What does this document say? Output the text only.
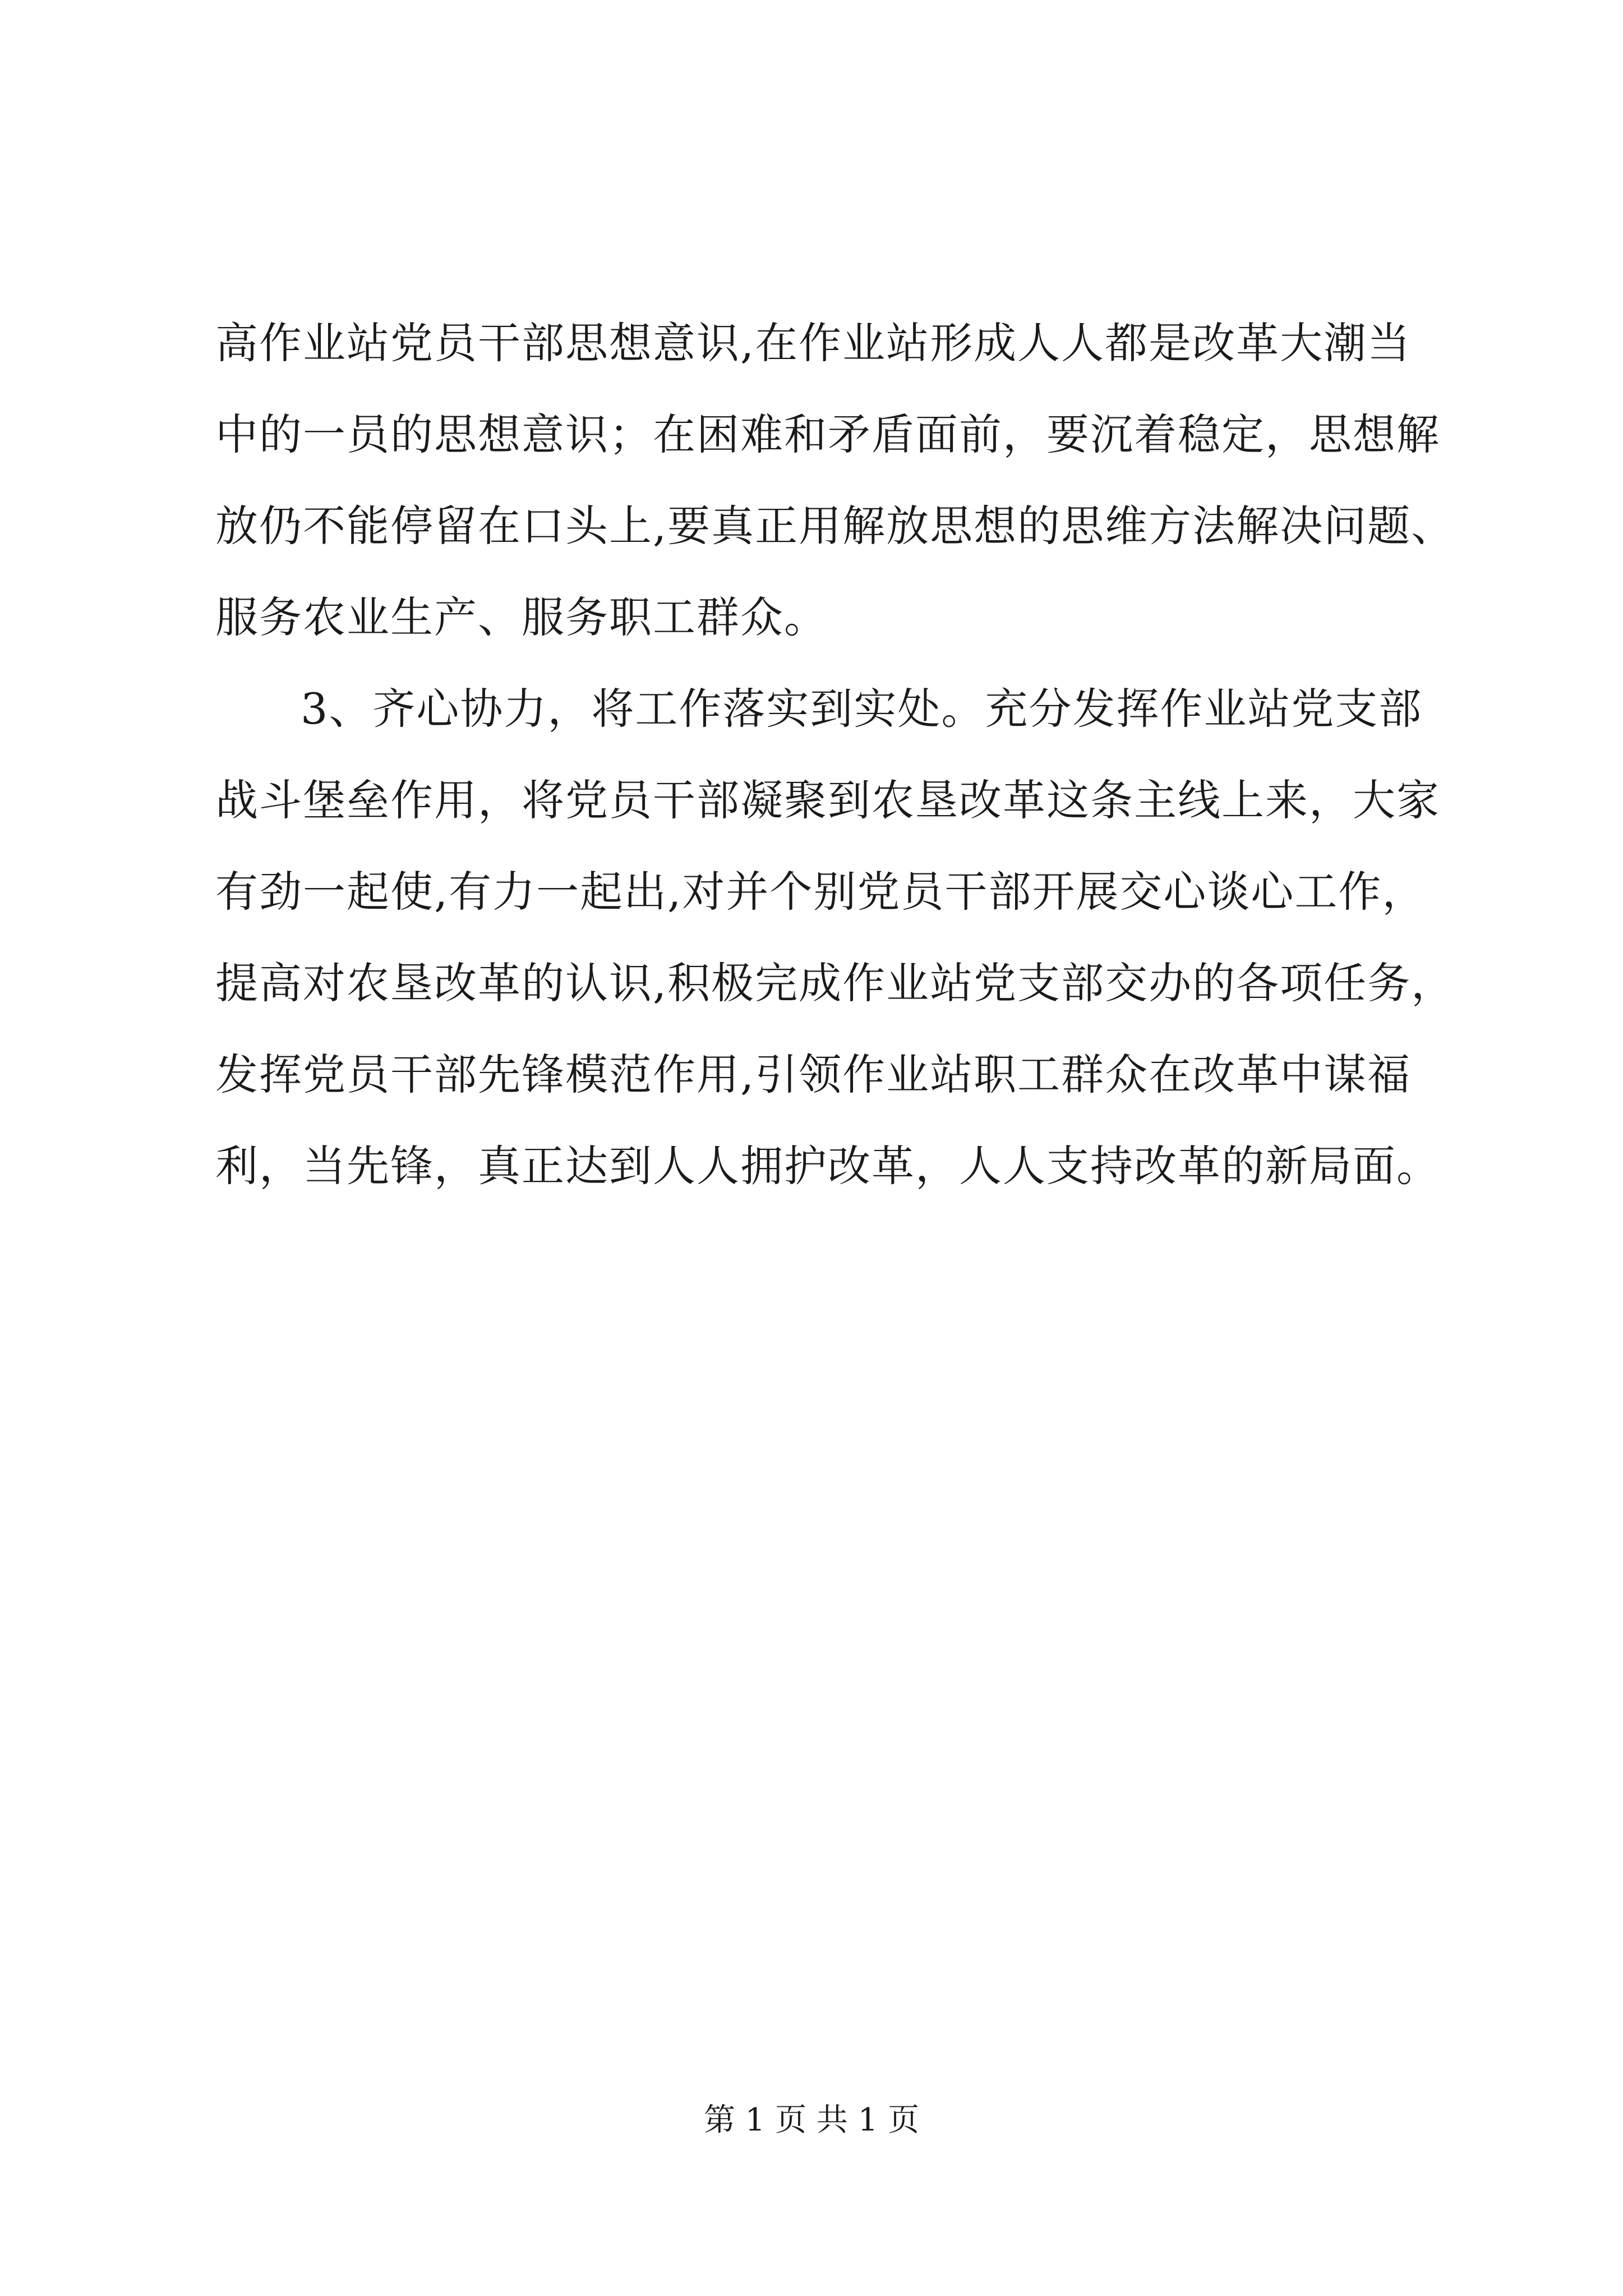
高作业站党员干部思想意识,在作业站形成人人都是改革大潮当
中的一员的思想意识；在困难和矛盾面前，要沉着稳定，思想解
放仍不能停留在口头上,要真正用解放思想的思维方法解决问题、
服务农业生产、服务职工群众。
3、齐心协力，将工作落实到实处。充分发挥作业站党支部
战斗堡垒作用，将党员干部凝聚到农垦改革这条主线上来，大家
有劲一起使,有力一起出,对并个别党员干部开展交心谈心工作，
提高对农垦改革的认识,积极完成作业站党支部交办的各项任务，
发挥党员干部先锋模范作用,引领作业站职工群众在改革中谋福
利，当先锋，真正达到人人拥护改革，人人支持改革的新局面。
第 1 页 共 1 页
